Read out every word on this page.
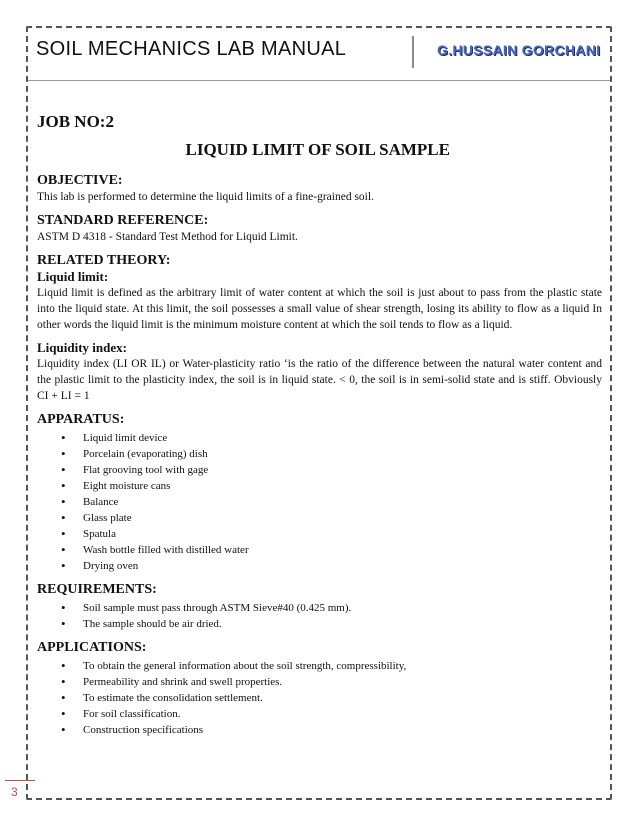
SOIL MECHANICS LAB MANUAL	G.HUSSAIN GORCHANI
JOB NO:2
LIQUID LIMIT OF SOIL SAMPLE
OBJECTIVE:

This lab is performed to determine the liquid limits of a fine-grained soil.

STANDARD REFERENCE:

ASTM D 4318 - Standard Test Method for Liquid Limit.

RELATED THEORY:
Liquid limit:

Liquid limit is defined as the arbitrary limit of water content at which the soil is just about to pass from the plastic state into the liquid state. At this limit, the soil possesses a small value of shear strength, losing its ability to flow as a liquid In other words the liquid limit is the minimum moisture content at which the soil tends to flow as a liquid.

Liquidity index:

Liquidity index (LI OR IL) or Water-plasticity ratio ‘is the ratio of the difference between the natural water content and the plastic limit to the plasticity index, the soil is in liquid state. < 0, the soil is in semi-solid state and is stiff. Obviously CI + LI = 1

APPARATUS:
• Liquid limit device
• Porcelain (evaporating) dish
• Flat grooving tool with gage
• Eight moisture cans
• Balance
• Glass plate
• Spatula
• Wash bottle filled with distilled water
• Drying oven
REQUIREMENTS:
• Soil sample must pass through ASTM Sieve#40 (0.425 mm).
• The sample should be air dried.
APPLICATIONS:
• To obtain the general information about the soil strength, compressibility,
• Permeability and shrink and swell properties.
• To estimate the consolidation settlement.
• For soil classification.
• Construction specifications
3
